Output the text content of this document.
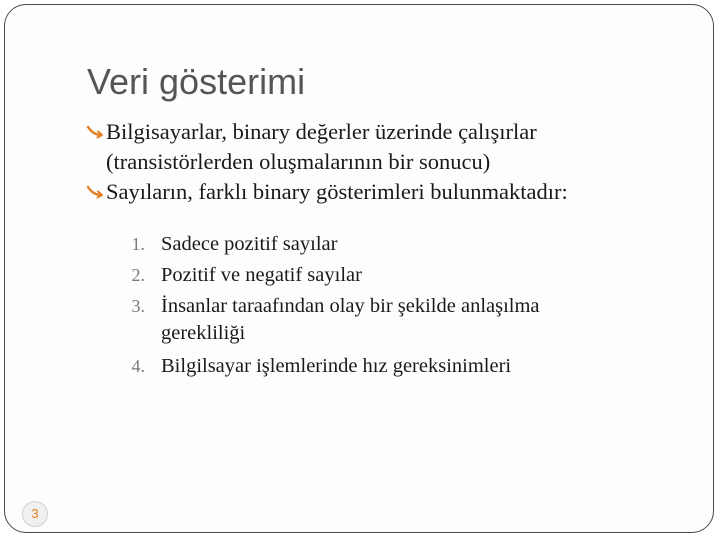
Veri gösterimi
Bilgisayarlar, binary değerler üzerinde çalışırlar
(transistörlerden oluşmalarının bir sonucu)
Sayıların, farklı binary gösterimleri bulunmaktadır:
1. Sadece pozitif sayılar
2. Pozitif ve negatif sayılar
3. İnsanlar taraafından olay bir şekilde anlaşılma gerekliliği
4. Bilgilsayar işlemlerinde hız gereksinimleri
3
